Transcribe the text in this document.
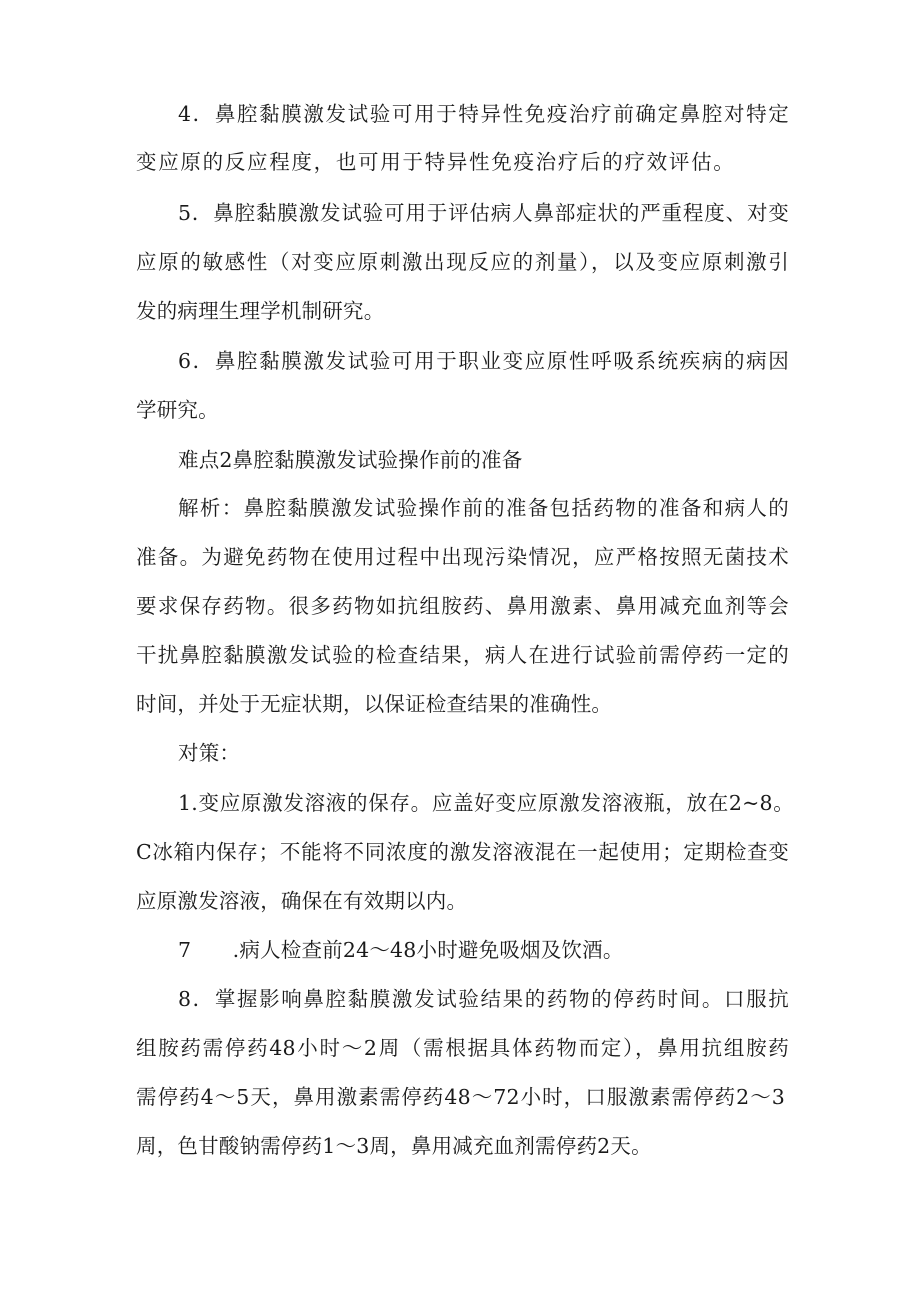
4．鼻腔黏膜激发试验可用于特异性免疫治疗前确定鼻腔对特定

变应原的反应程度，也可用于特异性免疫治疗后的疗效评估。

5．鼻腔黏膜激发试验可用于评估病人鼻部症状的严重程度、对变

应原的敏感性（对变应原刺激出现反应的剂量），以及变应原刺激引

发的病理生理学机制研究。

6．鼻腔黏膜激发试验可用于职业变应原性呼吸系统疾病的病因

学研究。

难点2鼻腔黏膜激发试验操作前的准备

解析：鼻腔黏膜激发试验操作前的准备包括药物的准备和病人的

准备。为避免药物在使用过程中出现污染情况，应严格按照无菌技术

要求保存药物。很多药物如抗组胺药、鼻用激素、鼻用减充血剂等会

干扰鼻腔黏膜激发试验的检查结果，病人在进行试验前需停药一定的

时间，并处于无症状期，以保证检查结果的准确性。

对策：

1.变应原激发溶液的保存。应盖好变应原激发溶液瓶，放在2~8。

C冰箱内保存；不能将不同浓度的激发溶液混在一起使用；定期检查变

应原激发溶液，确保在有效期以内。

7　　.病人检查前24～48小时避免吸烟及饮酒。

8．掌握影响鼻腔黏膜激发试验结果的药物的停药时间。口服抗

组胺药需停药48小时～2周（需根据具体药物而定），鼻用抗组胺药

需停药4～5天，鼻用激素需停药48～72小时，口服激素需停药2～3

周，色甘酸钠需停药1～3周，鼻用减充血剂需停药2天。
